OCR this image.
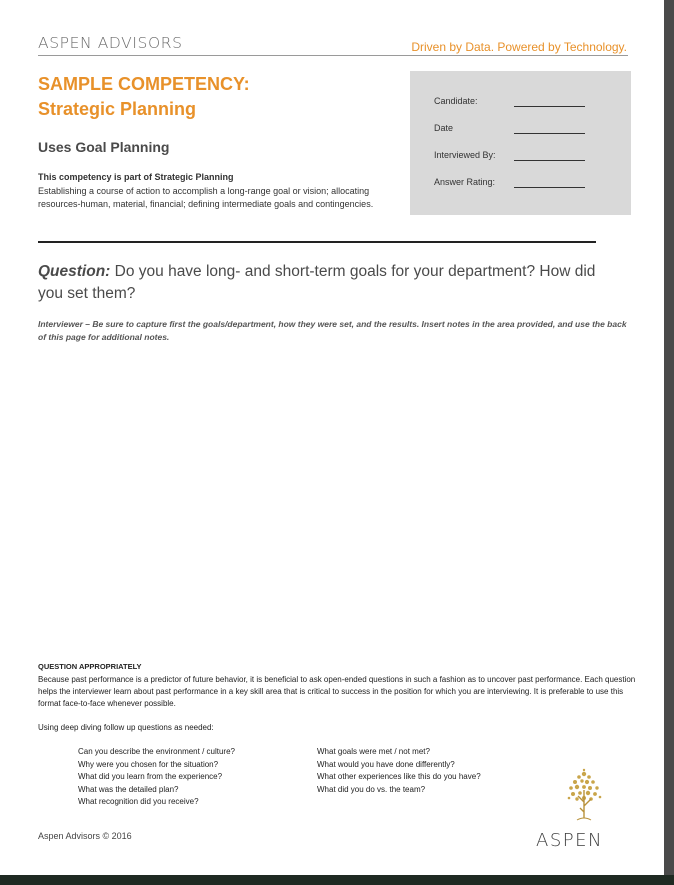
ASPEN ADVISORS	Driven by Data. Powered by Technology.
SAMPLE COMPETENCY:
Strategic Planning
Uses Goal Planning
This competency is part of Strategic Planning
Establishing a course of action to accomplish a long-range goal or vision; allocating resources-human, material, financial; defining intermediate goals and contingencies.
Candidate:
Date
Interviewed By:
Answer Rating:
Question: Do you have long- and short-term goals for your department? How did you set them?
Interviewer – Be sure to capture first the goals/department, how they were set, and the results. Insert notes in the area provided, and use the back of this page for additional notes.
QUESTION APPROPRIATELY
Because past performance is a predictor of future behavior, it is beneficial to ask open-ended questions in such a fashion as to uncover past performance. Each question helps the interviewer learn about past performance in a key skill area that is critical to success in the position for which you are interviewing. It is preferable to use this format face-to-face whenever possible.
Using deep diving follow up questions as needed:
Can you describe the environment / culture?
Why were you chosen for the situation?
What did you learn from the experience?
What was the detailed plan?
What recognition did you receive?
What goals were met / not met?
What would you have done differently?
What other experiences like this do you have?
What did you do vs. the team?
Aspen Advisors © 2016	ASPEN
